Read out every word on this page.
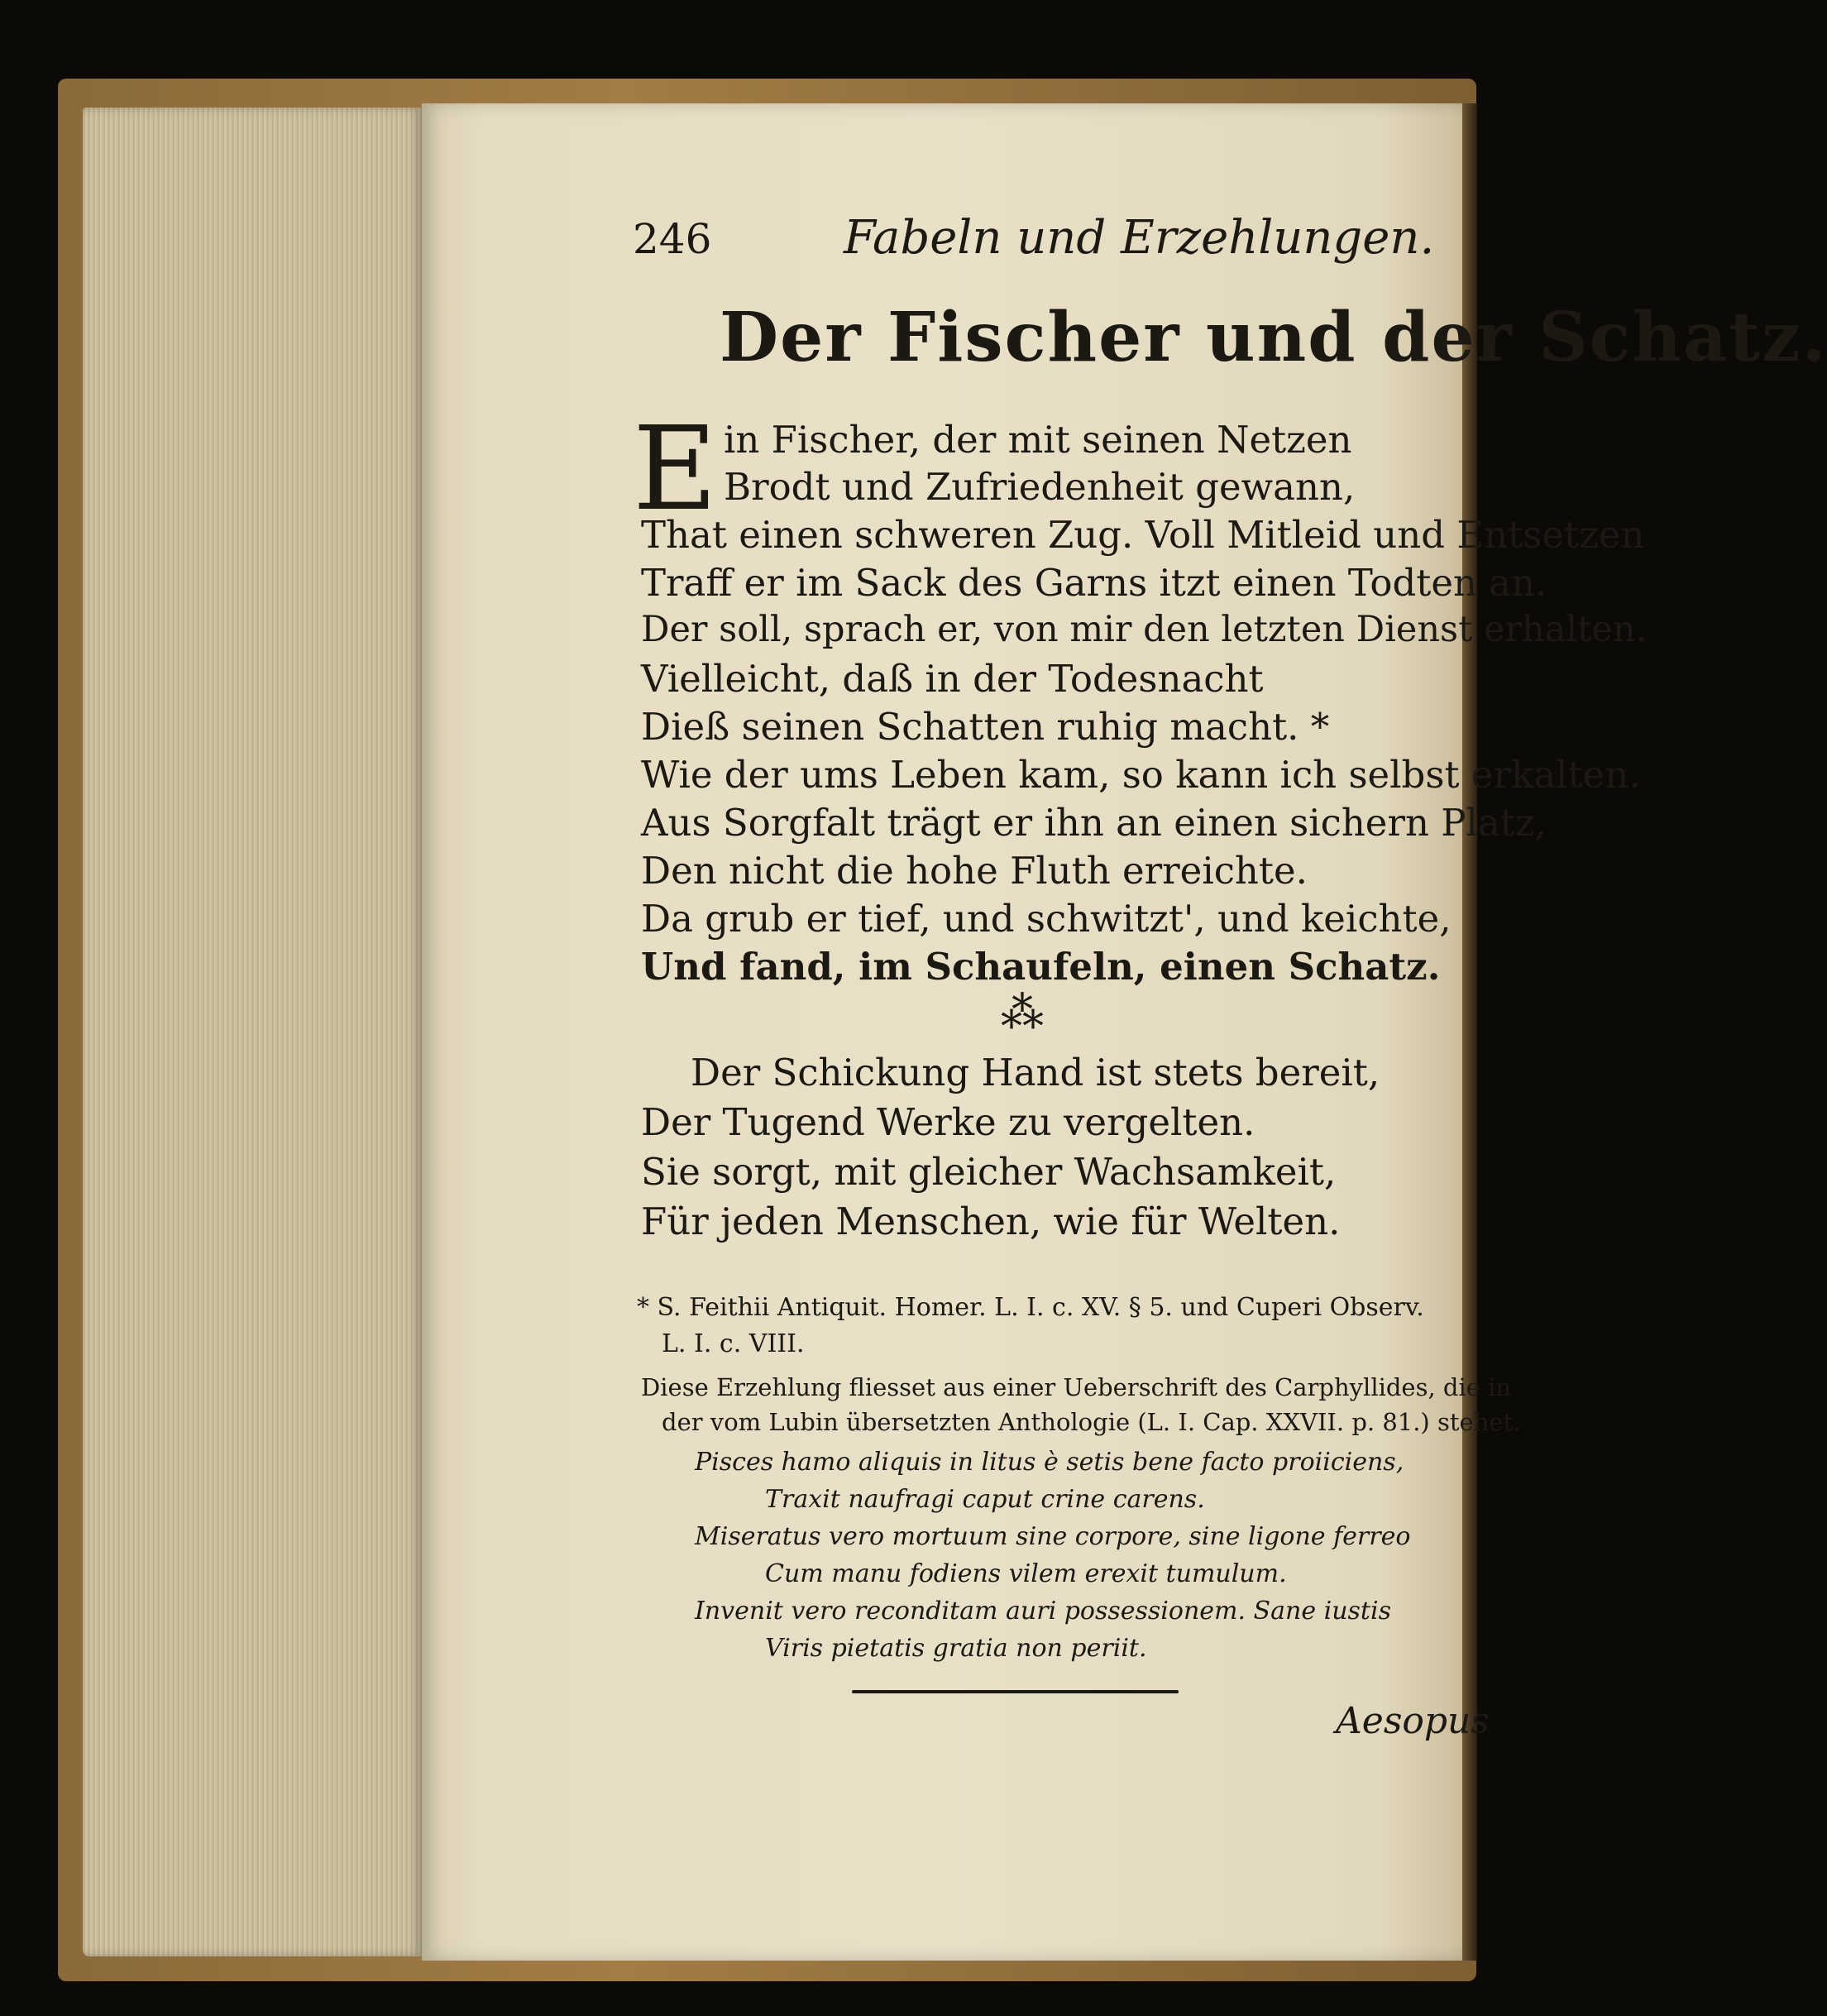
246	Fabeln und Erzehlungen.
Der Fischer und der Schatz.
E in Fischer, der mit seinen Netzen
Brodt und Zufriedenheit gewann,
That einen schweren Zug. Voll Mitleid und Entsetzen
Traff er im Sack des Garns itzt einen Todten an.
Der soll, sprach er, von mir den letzten Dienst erhalten.
Vielleicht, daß in der Todesnacht
Dieß seinen Schatten ruhig macht. *
Wie der ums Leben kam, so kann ich selbst erkalten.
Aus Sorgfalt trägt er ihn an einen sichern Platz,
Den nicht die hohe Fluth erreichte.
Da grub er tief, und schwitzt', und keichte,
Und fand, im Schaufeln, einen Schatz.
⁂
Der Schickung Hand ist stets bereit,
Der Tugend Werke zu vergelten.
Sie sorgt, mit gleicher Wachsamkeit,
Für jeden Menschen, wie für Welten.
* S. Feithii Antiquit. Homer. L. I. c. XV. § 5. und Cuperi Observ.
L. I. c. VIII.
Diese Erzehlung fliesset aus einer Ueberschrift des Carphyllides, die in
der vom Lubin übersetzten Anthologie (L. I. Cap. XXVII. p. 81.) stehet.
Pisces hamo aliquis in litus è setis bene facto proiiciens,
Traxit naufragi caput crine carens.
Miseratus vero mortuum sine corpore, sine ligone ferreo
Cum manu fodiens vilem erexit tumulum.
Invenit vero reconditam auri possessionem. Sane iustis
Viris pietatis gratia non periit.
Aesopus
